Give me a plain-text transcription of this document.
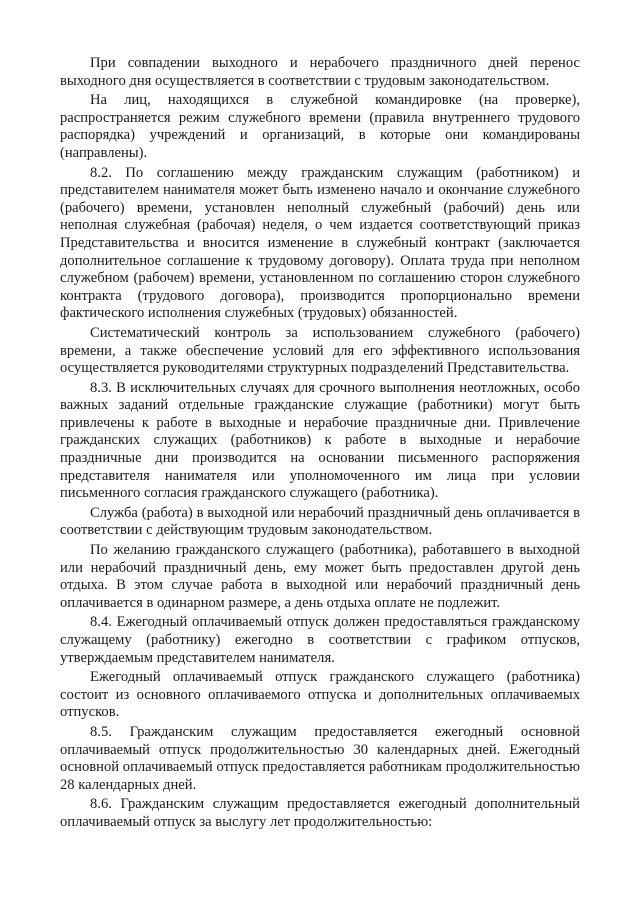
При совпадении выходного и нерабочего праздничного дней перенос выходного дня осуществляется в соответствии с трудовым законодательством.

На лиц, находящихся в служебной командировке (на проверке), распространяется режим служебного времени (правила внутреннего трудового распорядка) учреждений и организаций, в которые они командированы (направлены).

8.2. По соглашению между гражданским служащим (работником) и представителем нанимателя может быть изменено начало и окончание служебного (рабочего) времени, установлен неполный служебный (рабочий) день или неполная служебная (рабочая) неделя, о чем издается соответствующий приказ Представительства и вносится изменение в служебный контракт (заключается дополнительное соглашение к трудовому договору). Оплата труда при неполном служебном (рабочем) времени, установленном по соглашению сторон служебного контракта (трудового договора), производится пропорционально времени фактического исполнения служебных (трудовых) обязанностей.

Систематический контроль за использованием служебного (рабочего) времени, а также обеспечение условий для его эффективного использования осуществляется руководителями структурных подразделений Представительства.

8.3. В исключительных случаях для срочного выполнения неотложных, особо важных заданий отдельные гражданские служащие (работники) могут быть привлечены к работе в выходные и нерабочие праздничные дни. Привлечение гражданских служащих (работников) к работе в выходные и нерабочие праздничные дни производится на основании письменного распоряжения представителя нанимателя или уполномоченного им лица при условии письменного согласия гражданского служащего (работника).

Служба (работа) в выходной или нерабочий праздничный день оплачивается в соответствии с действующим трудовым законодательством.

По желанию гражданского служащего (работника), работавшего в выходной или нерабочий праздничный день, ему может быть предоставлен другой день отдыха. В этом случае работа в выходной или нерабочий праздничный день оплачивается в одинарном размере, а день отдыха оплате не подлежит.

8.4. Ежегодный оплачиваемый отпуск должен предоставляться гражданскому служащему (работнику) ежегодно в соответствии с графиком отпусков, утверждаемым представителем нанимателя.

Ежегодный оплачиваемый отпуск гражданского служащего (работника) состоит из основного оплачиваемого отпуска и дополнительных оплачиваемых отпусков.

8.5. Гражданским служащим предоставляется ежегодный основной оплачиваемый отпуск продолжительностью 30 календарных дней. Ежегодный основной оплачиваемый отпуск предоставляется работникам продолжительностью 28 календарных дней.

8.6. Гражданским служащим предоставляется ежегодный дополнительный оплачиваемый отпуск за выслугу лет продолжительностью:
